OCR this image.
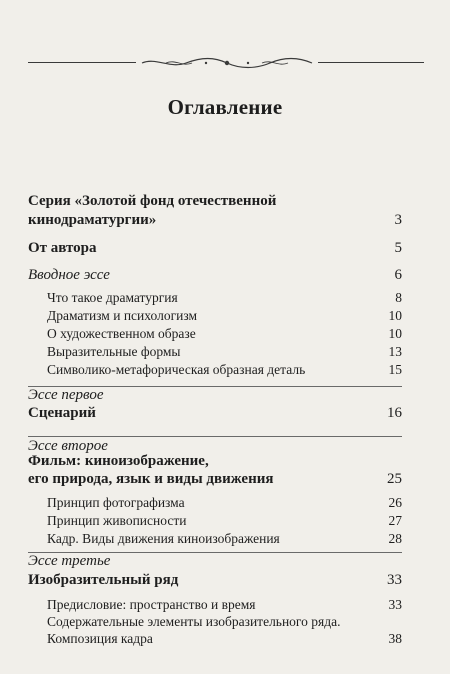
Оглавление
Серия «Золотой фонд отечественной
кинодраматургии»	3
От автора	5
Вводное эссе	6
Что такое драматургия	8
Драматизм и психологизм	10
О художественном образе	10
Выразительные формы	13
Символико-метафорическая образная деталь	15
Эссе первое
Сценарий	16
Эссе второе
Фильм: киноизображение,
его природа, язык и виды движения	25
Принцип фотографизма	26
Принцип живописности	27
Кадр. Виды движения киноизображения	28
Эссе третье
Изобразительный ряд	33
Предисловие: пространство и время	33
Содержательные элементы изобразительного ряда.
Композиция кадра	38
